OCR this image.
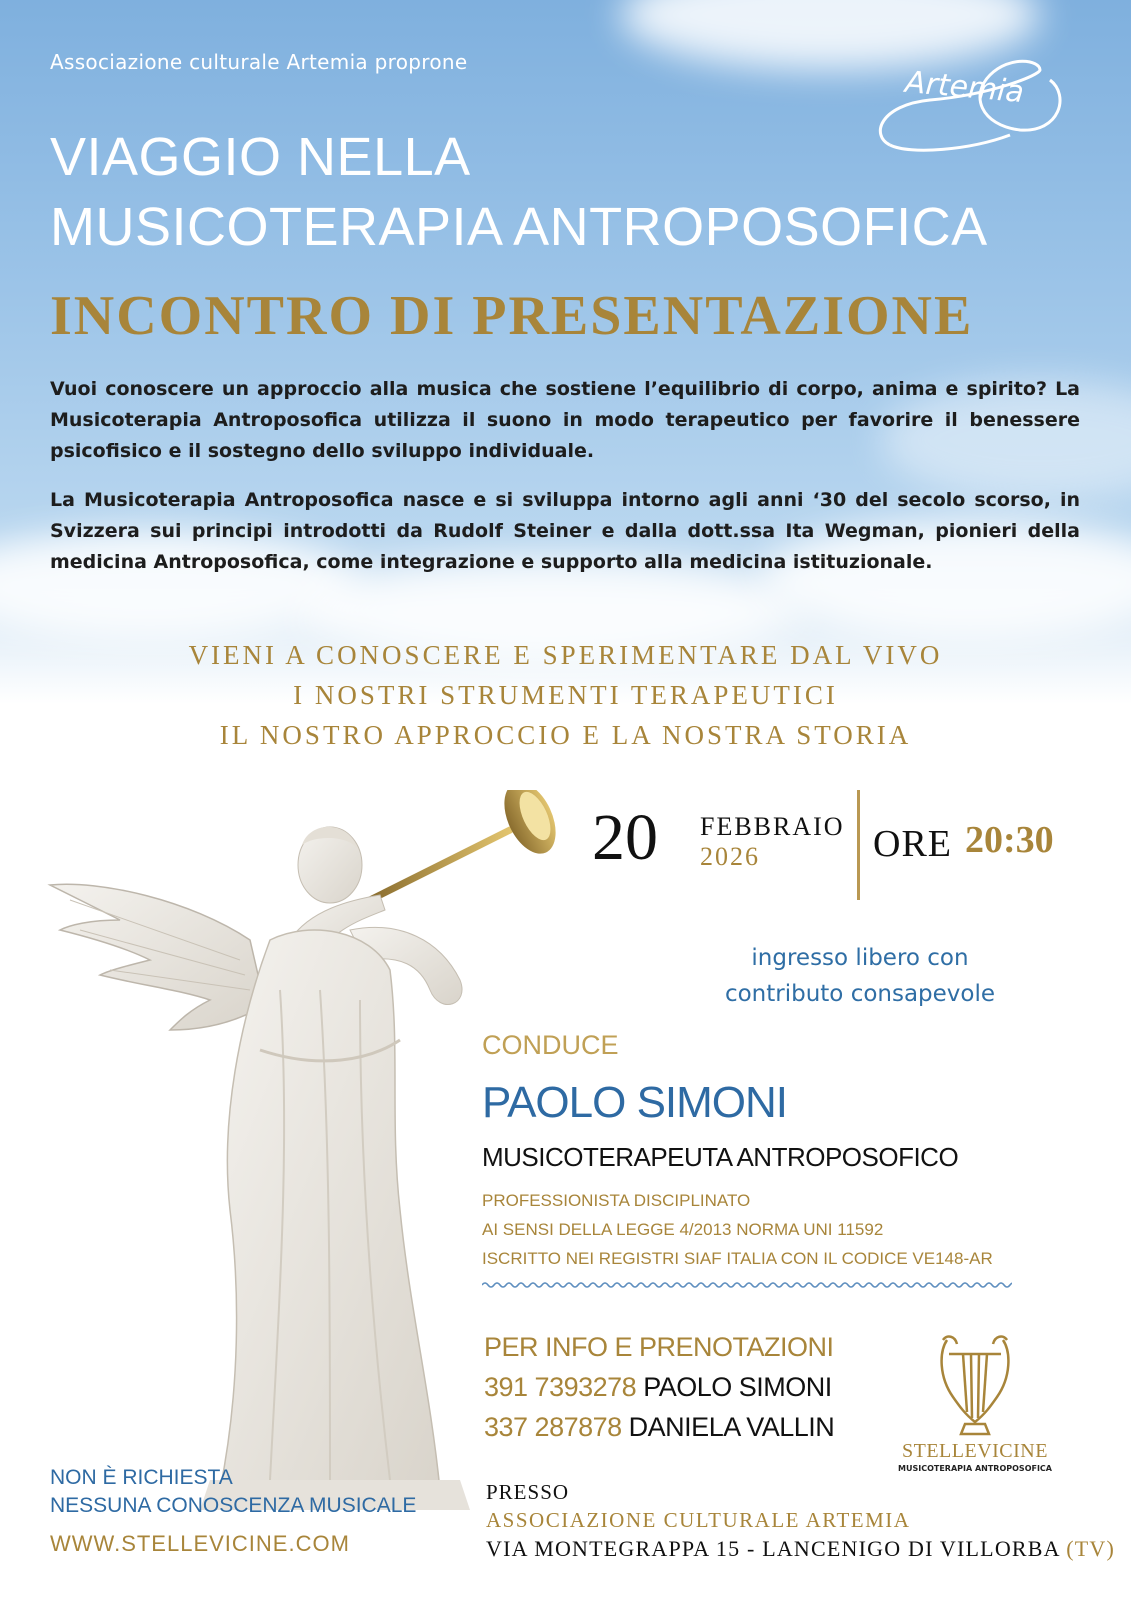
Associazione culturale Artemia proprone
Artemia
VIAGGIO NELLA
MUSICOTERAPIA ANTROPOSOFICA
INCONTRO DI PRESENTAZIONE
Vuoi conoscere un approccio alla musica che sostiene l’equilibrio di corpo, anima e spirito? La Musicoterapia Antroposofica utilizza il suono in modo terapeutico per favorire il benessere psicofisico e il sostegno dello sviluppo individuale.
La Musicoterapia Antroposofica nasce e si sviluppa intorno agli anni ‘30 del secolo scorso, in Svizzera sui principi introdotti da Rudolf Steiner e dalla dott.ssa Ita Wegman, pionieri della medicina Antroposofica, come integrazione e supporto alla medicina istituzionale.
VIENI A CONOSCERE E SPERIMENTARE DAL VIVO
I NOSTRI STRUMENTI TERAPEUTICI
IL NOSTRO APPROCCIO E LA NOSTRA STORIA
20 FEBBRAIO
2026	ORE 20:30
ingresso libero con
contributo consapevole
CONDUCE
PAOLO SIMONI
MUSICOTERAPEUTA ANTROPOSOFICO
PROFESSIONISTA DISCIPLINATO
AI SENSI DELLA LEGGE 4/2013 NORMA UNI 11592
ISCRITTO NEI REGISTRI SIAF ITALIA CON IL CODICE VE148-AR
PER INFO E PRENOTAZIONI
391 7393278 PAOLO SIMONI
337 287878 DANIELA VALLIN
STELLEVICINE
MUSICOTERAPIA ANTROPOSOFICA
NON È RICHIESTA
NESSUNA CONOSCENZA MUSICALE
WWW.STELLEVICINE.COM
PRESSO
ASSOCIAZIONE CULTURALE ARTEMIA
VIA MONTEGRAPPA 15 - LANCENIGO DI VILLORBA (TV)
